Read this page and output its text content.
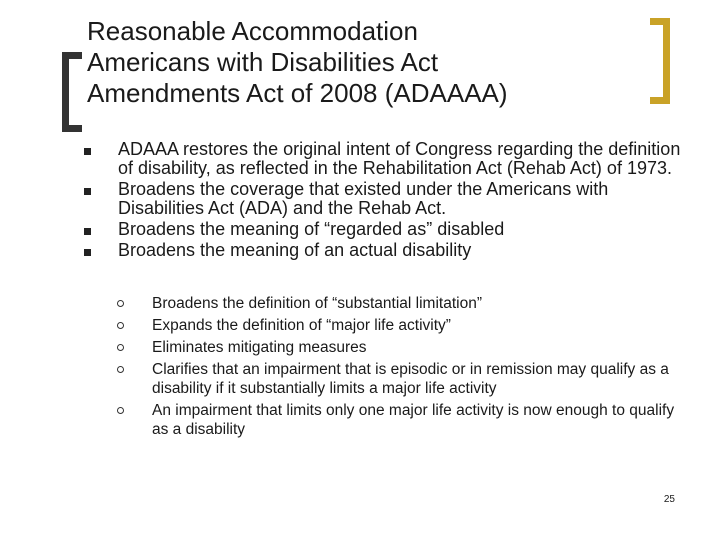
Reasonable Accommodation
Americans with Disabilities Act
Amendments Act of 2008 (ADAAAA)
ADAAA restores the original intent of Congress regarding the definition of disability, as reflected in the Rehabilitation Act (Rehab Act) of 1973.
Broadens the coverage that existed under the Americans with Disabilities Act (ADA) and the Rehab Act.
Broadens the meaning of “regarded as” disabled
Broadens the meaning of an actual disability
Broadens the definition of “substantial limitation”
Expands the definition of “major life activity”
Eliminates mitigating measures
Clarifies that an impairment that is episodic or in remission may qualify as a disability if it substantially limits a major life activity
An impairment that limits only one major life activity is now enough to qualify as a disability
25
